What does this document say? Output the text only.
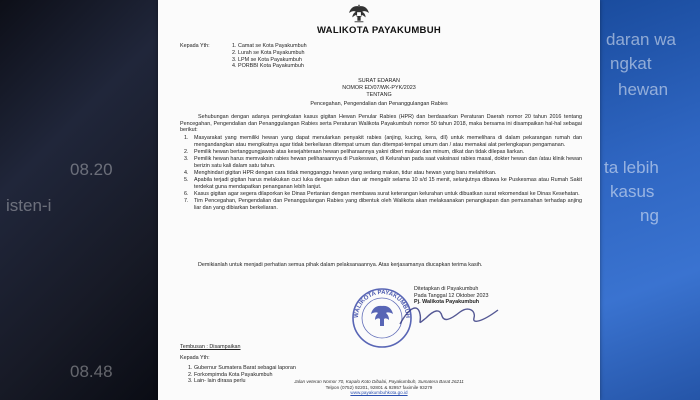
08.20
isten-i
08.48
daran wa
ngkat
hewan
ta lebih
kasus
ng
WALIKOTA PAYAKUMBUH
Kepada Yth:	1. Camat se Kota Payakumbuh
2. Lurah se Kota Payakumbuh
3. LPM se Kota Payakumbuh
4. PORBBI Kota Payakumbuh
SURAT EDARAN
NOMOR ED/07/WK-PYK/2023
TENTANG
Pencegahan, Pengendalian dan Penanggulangan Rabies
Sehubungan dengan adanya peningkatan kasus gigitan Hewan Penular Rabies (HPR) dan berdasarkan Peraturan Daerah nomor 20 tahun 2016 tentang Pencegahan, Pengendalian dan Penanggulangan Rabies serta Peraturan Walikota Payakumbuh nomor 50 tahun 2018, maka bersama ini disampaikan hal-hal sebagai berikut:
1. Masyarakat yang memiliki hewan yang dapat menularkan penyakit rabies (anjing, kucing, kera, dll) untuk memelihara di dalam pekarangan rumah dan mengandangkan atau mengikatnya agar tidak berkeliaran ditempat umum dan ditempat-tempat umum dan / atau memakai alat perlengkapan pengamanan.
2. Pemilik hewan bertanggungjawab atas kesejahteraan hewan peliharaannya yakni diberi makan dan minum, dikat dan tidak dilepas liarkan.
3. Pemilik hewan harus memvaksin rabies hewan peliharaannya di Puskeswan, di Kelurahan pada saat vaksinasi rabies masal, dokter hewan dan /atau klinik hewan berizin satu kali dalam satu tahun.
4. Menghindari gigitan HPR dengan cara tidak mengganggu hewan yang sedang makan, tidur atau hewan yang baru melahirkan.
5. Apabila terjadi gigitan harus melakukan cuci luka dengan sabun dan air mengalir selama 10 s/d 15 menit, selanjutnya dibawa ke Puskesmas atau Rumah Sakit terdekat guna mendapatkan penanganan lebih lanjut.
6. Kasus gigitan agar segera dilaporkan ke Dinas Pertanian dengan membawa surat keterangan kelurahan untuk dibuatkan surat rekomendasi ke Dinas Kesehatan.
7. Tim Pencegahan, Pengendalian dan Penanggulangan Rabies yang dibentuk oleh Walikota akan melaksanakan penangkapan dan pemusnahan terhadap anjing liar dan yang dibiarkan berkeliaran.
Demikianlah untuk menjadi perhatian semua pihak dalam pelaksanaannya. Atas kerjasamanya diucapkan terima kasih.
WALIKOTA PAYAKUMBUH
Ditetapkan di Payakumbuh
Pada Tanggal 12 Oktober 2023
Pj. Walikota Payakumbuh
Tembusan : Disampaikan
Kepada Yth:
1. Gubernur Sumatera Barat sebagai laporan
2. Forkompimda Kota Payakumbuh
3. Lain- lain dirasa perlu	Jalan veteran Nomor 70, Kapalo Koto Dibalai, Payakumbuh, Sumatera Barat 26211
Telpon (0752) 92201, 92801 & 92957 faximile 93279
www.payakumbuhkota.go.id
